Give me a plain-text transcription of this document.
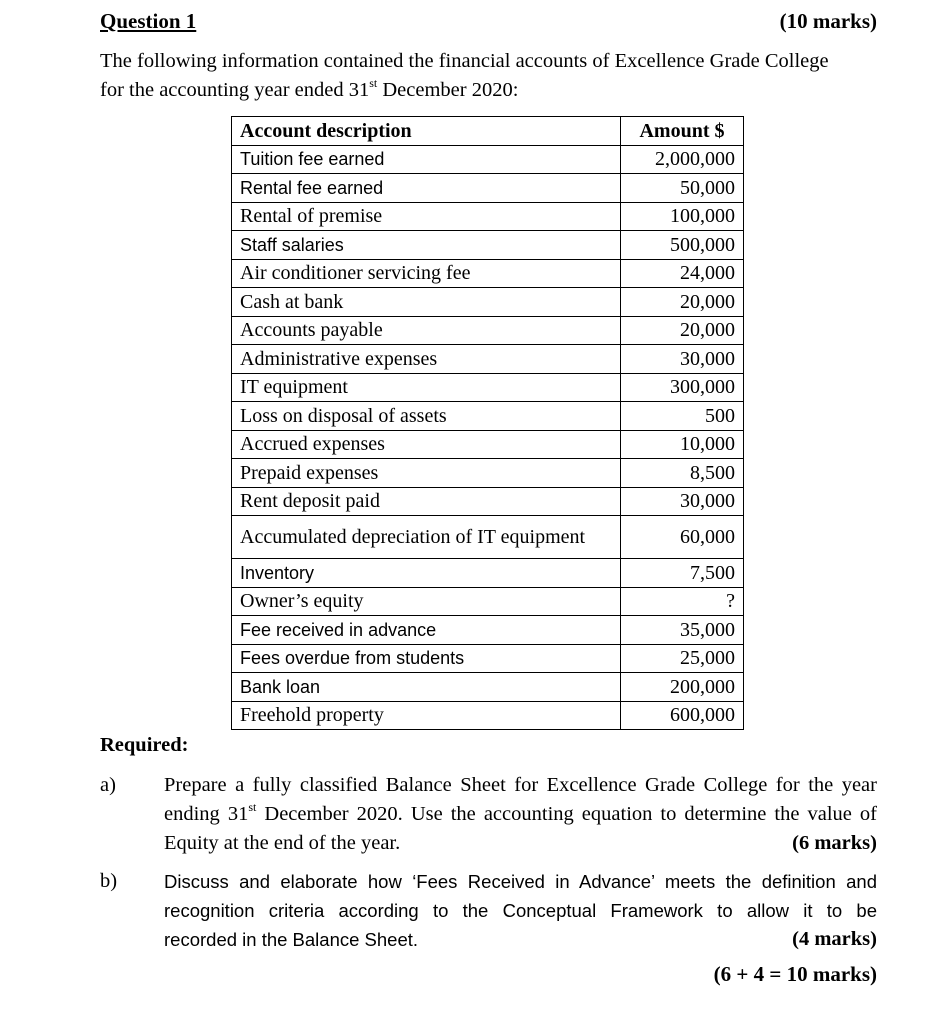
Question 1	(10 marks)
The following information contained the financial accounts of Excellence Grade College
for the accounting year ended 31st December 2020:
Account description	Amount $
Tuition fee earned	2,000,000
Rental fee earned	50,000
Rental of premise	100,000
Staff salaries	500,000
Air conditioner servicing fee	24,000
Cash at bank	20,000
Accounts payable	20,000
Administrative expenses	30,000
IT equipment	300,000
Loss on disposal of assets	500
Accrued expenses	10,000
Prepaid expenses	8,500
Rent deposit paid	30,000
Accumulated depreciation of IT equipment	60,000
Inventory	7,500
Owner’s equity	?
Fee received in advance	35,000
Fees overdue from students	25,000
Bank loan	200,000
Freehold property	600,000
Required:
a) Prepare a fully classified Balance Sheet for Excellence Grade College for the year
ending 31st December 2020. Use the accounting equation to determine the value of
Equity at the end of the year.	(6 marks)
b)	Discuss and elaborate how ‘Fees Received in Advance’ meets the definition and
recognition criteria according to the Conceptual Framework to allow it to be
recorded in the Balance Sheet.	(4 marks)
(6 + 4 = 10 marks)
